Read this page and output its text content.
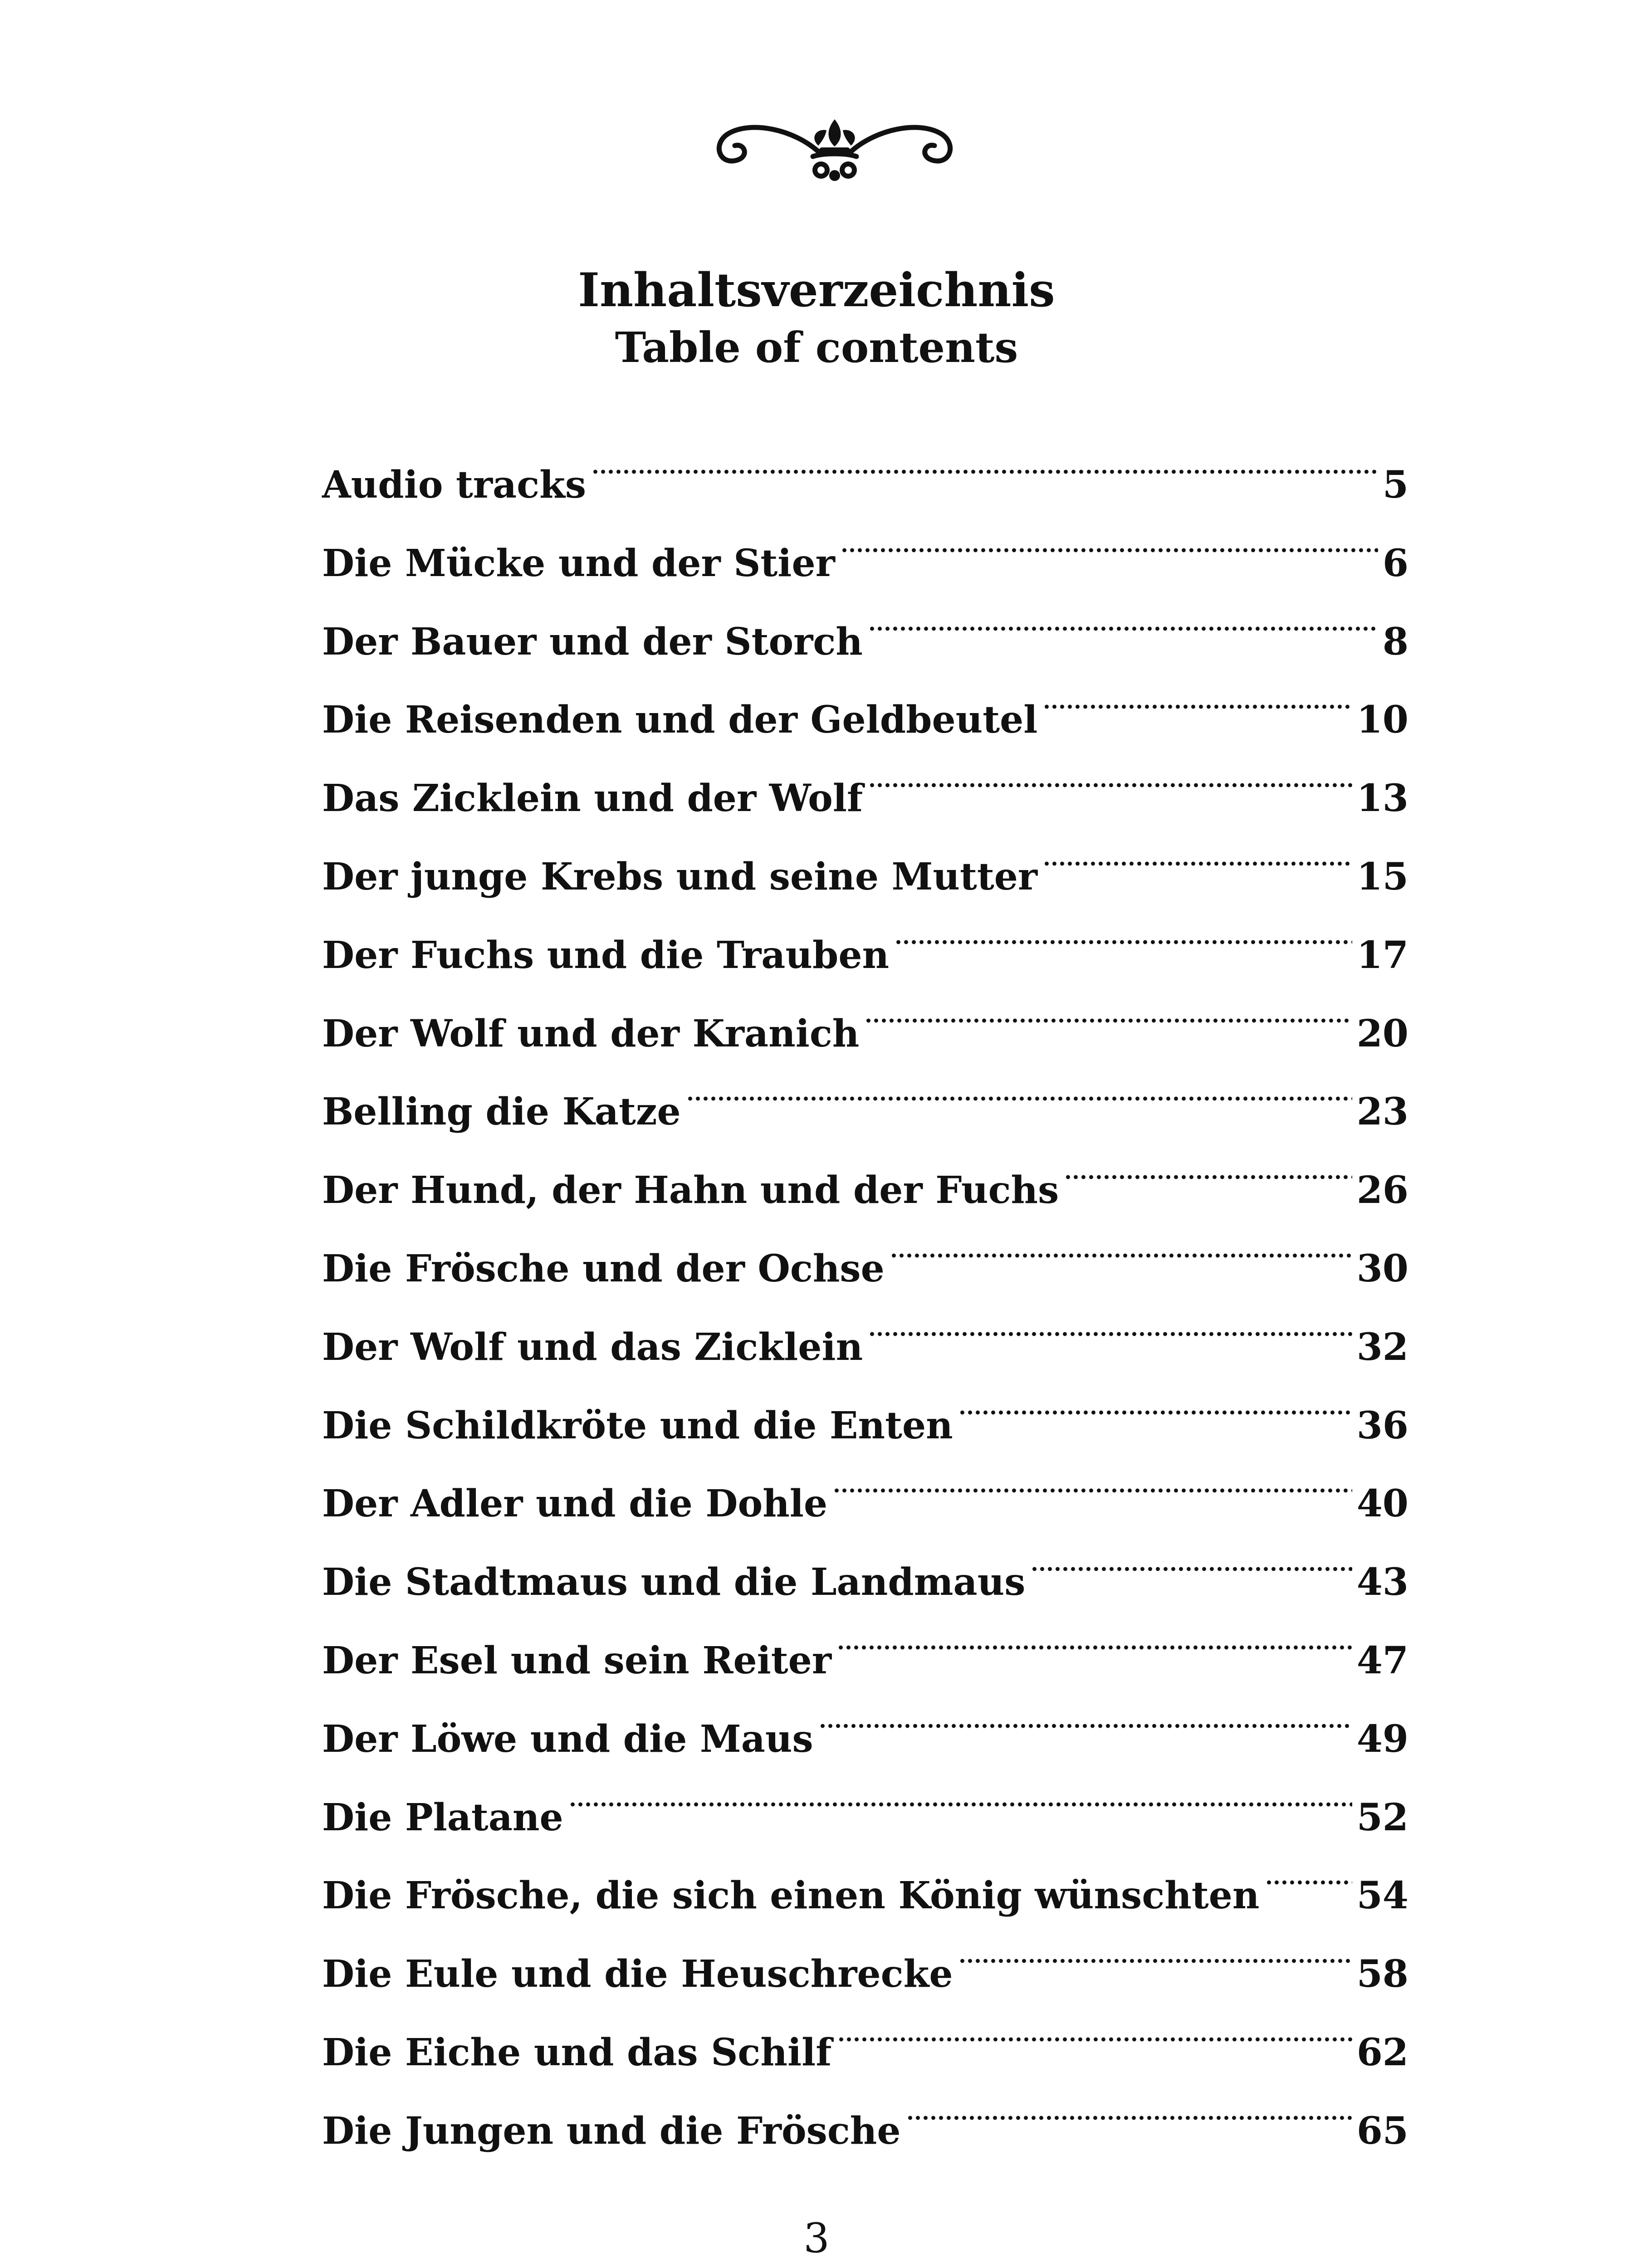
Inhaltsverzeichnis
Table of contents
Audio tracks	5
Die Mücke und der Stier	6
Der Bauer und der Storch	8
Die Reisenden und der Geldbeutel	10
Das Zicklein und der Wolf	13
Der junge Krebs und seine Mutter	15
Der Fuchs und die Trauben	17
Der Wolf und der Kranich	20
Belling die Katze	23
Der Hund, der Hahn und der Fuchs	26
Die Frösche und der Ochse	30
Der Wolf und das Zicklein	32
Die Schildkröte und die Enten	36
Der Adler und die Dohle	40
Die Stadtmaus und die Landmaus	43
Der Esel und sein Reiter	47
Der Löwe und die Maus	49
Die Platane	52
Die Frösche, die sich einen König wünschten	54
Die Eule und die Heuschrecke	58
Die Eiche und das Schilf	62
Die Jungen und die Frösche	65
3
